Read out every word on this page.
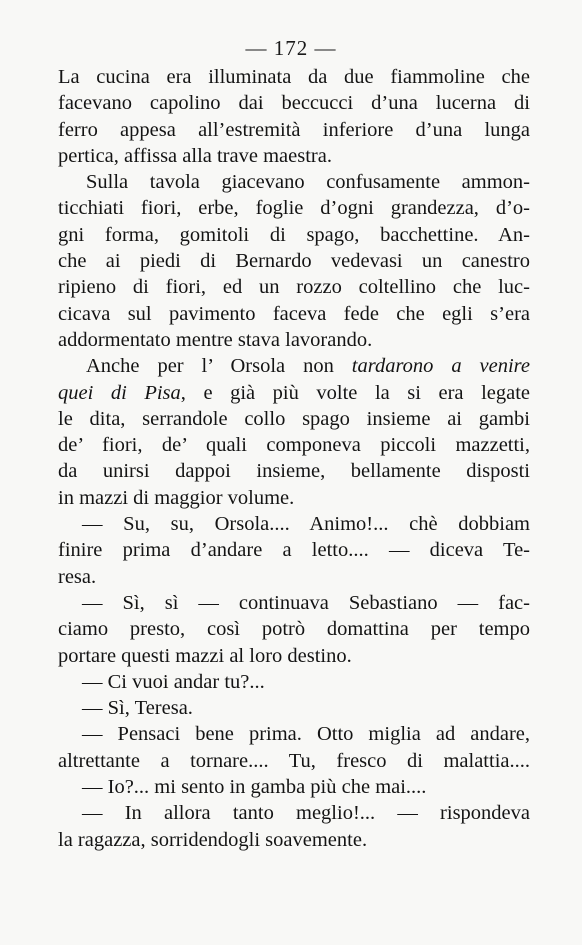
— 172 —
La cucina era illuminata da due fiammoline che
facevano capolino dai beccucci d’una lucerna di
ferro appesa all’estremità inferiore d’una lunga
pertica, affissa alla trave maestra.
Sulla tavola giacevano confusamente ammon-
ticchiati fiori, erbe, foglie d’ogni grandezza, d’o-
gni forma, gomitoli di spago, bacchettine. An-
che ai piedi di Bernardo vedevasi un canestro
ripieno di fiori, ed un rozzo coltellino che luc-
cicava sul pavimento faceva fede che egli s’era
addormentato mentre stava lavorando.
Anche per l’ Orsola non tardarono a venire
quei di Pisa, e già più volte la si era legate
le dita, serrandole collo spago insieme ai gambi
de’ fiori, de’ quali componeva piccoli mazzetti,
da unirsi dappoi insieme, bellamente disposti
in mazzi di maggior volume.
— Su, su, Orsola.... Animo!... chè dobbiam
finire prima d’andare a letto.... — diceva Te-
resa.
— Sì, sì — continuava Sebastiano — fac-
ciamo presto, così potrò domattina per tempo
portare questi mazzi al loro destino.
— Ci vuoi andar tu?...
— Sì, Teresa.
— Pensaci bene prima. Otto miglia ad andare,
altrettante a tornare.... Tu, fresco di malattia....
— Io?... mi sento in gamba più che mai....
— In allora tanto meglio!... — rispondeva
la ragazza, sorridendogli soavemente.
